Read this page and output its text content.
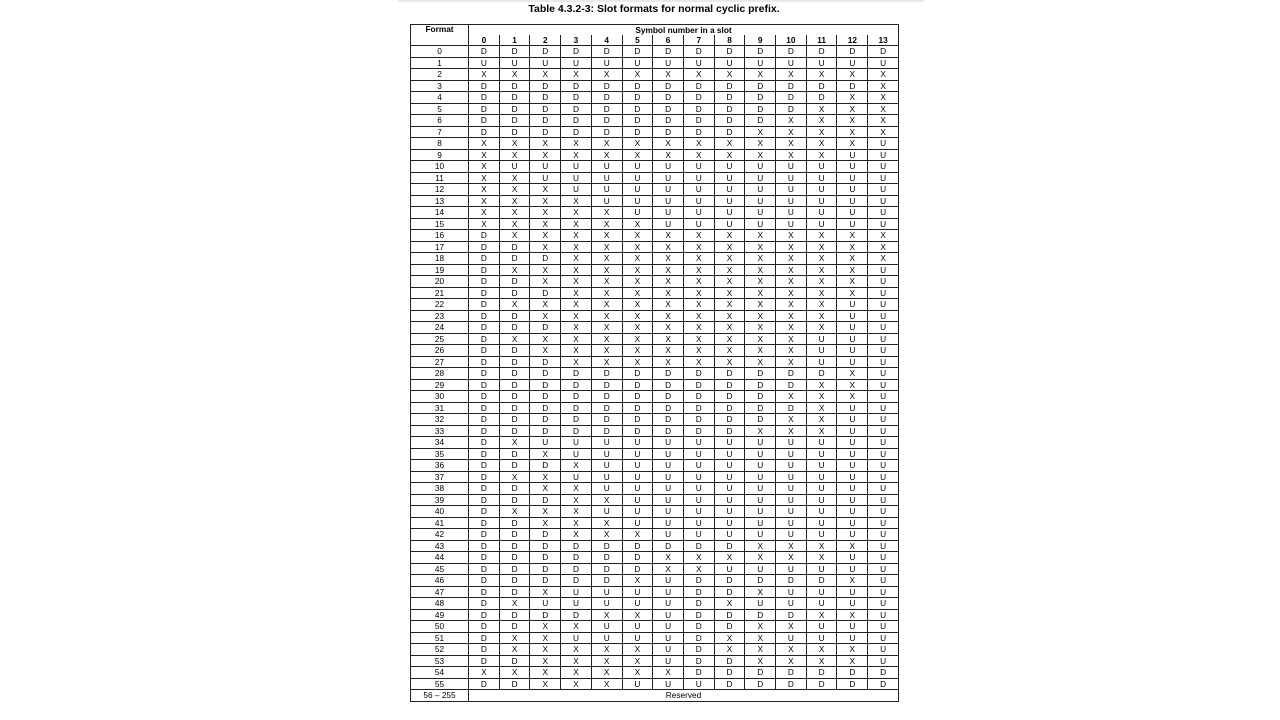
Table 4.3.2-3: Slot formats for normal cyclic prefix.
Format	Symbol number in a slot													
	0	1	2	3	4	5	6	7	8	9	10	11	12	13
0	D	D	D	D	D	D	D	D	D	D	D	D	D	D
1	U	U	U	U	U	U	U	U	U	U	U	U	U	U
2	X	X	X	X	X	X	X	X	X	X	X	X	X	X
3	D	D	D	D	D	D	D	D	D	D	D	D	D	X
4	D	D	D	D	D	D	D	D	D	D	D	D	X	X
5	D	D	D	D	D	D	D	D	D	D	D	X	X	X
6	D	D	D	D	D	D	D	D	D	D	X	X	X	X
7	D	D	D	D	D	D	D	D	D	X	X	X	X	X
8	X	X	X	X	X	X	X	X	X	X	X	X	X	U
9	X	X	X	X	X	X	X	X	X	X	X	X	U	U
10	X	U	U	U	U	U	U	U	U	U	U	U	U	U
11	X	X	U	U	U	U	U	U	U	U	U	U	U	U
12	X	X	X	U	U	U	U	U	U	U	U	U	U	U
13	X	X	X	X	U	U	U	U	U	U	U	U	U	U
14	X	X	X	X	X	U	U	U	U	U	U	U	U	U
15	X	X	X	X	X	X	U	U	U	U	U	U	U	U
16	D	X	X	X	X	X	X	X	X	X	X	X	X	X
17	D	D	X	X	X	X	X	X	X	X	X	X	X	X
18	D	D	D	X	X	X	X	X	X	X	X	X	X	X
19	D	X	X	X	X	X	X	X	X	X	X	X	X	U
20	D	D	X	X	X	X	X	X	X	X	X	X	X	U
21	D	D	D	X	X	X	X	X	X	X	X	X	X	U
22	D	X	X	X	X	X	X	X	X	X	X	X	U	U
23	D	D	X	X	X	X	X	X	X	X	X	X	U	U
24	D	D	D	X	X	X	X	X	X	X	X	X	U	U
25	D	X	X	X	X	X	X	X	X	X	X	U	U	U
26	D	D	X	X	X	X	X	X	X	X	X	U	U	U
27	D	D	D	X	X	X	X	X	X	X	X	U	U	U
28	D	D	D	D	D	D	D	D	D	D	D	D	X	U
29	D	D	D	D	D	D	D	D	D	D	D	X	X	U
30	D	D	D	D	D	D	D	D	D	D	X	X	X	U
31	D	D	D	D	D	D	D	D	D	D	D	X	U	U
32	D	D	D	D	D	D	D	D	D	D	X	X	U	U
33	D	D	D	D	D	D	D	D	D	X	X	X	U	U
34	D	X	U	U	U	U	U	U	U	U	U	U	U	U
35	D	D	X	U	U	U	U	U	U	U	U	U	U	U
36	D	D	D	X	U	U	U	U	U	U	U	U	U	U
37	D	X	X	U	U	U	U	U	U	U	U	U	U	U
38	D	D	X	X	U	U	U	U	U	U	U	U	U	U
39	D	D	D	X	X	U	U	U	U	U	U	U	U	U
40	D	X	X	X	U	U	U	U	U	U	U	U	U	U
41	D	D	X	X	X	U	U	U	U	U	U	U	U	U
42	D	D	D	X	X	X	U	U	U	U	U	U	U	U
43	D	D	D	D	D	D	D	D	D	X	X	X	X	U
44	D	D	D	D	D	D	X	X	X	X	X	X	U	U
45	D	D	D	D	D	D	X	X	U	U	U	U	U	U
46	D	D	D	D	D	X	U	D	D	D	D	D	X	U
47	D	D	X	U	U	U	U	D	D	X	U	U	U	U
48	D	X	U	U	U	U	U	D	X	U	U	U	U	U
49	D	D	D	D	X	X	U	D	D	D	D	X	X	U
50	D	D	X	X	U	U	U	D	D	X	X	U	U	U
51	D	X	X	U	U	U	U	D	X	X	U	U	U	U
52	D	X	X	X	X	X	U	D	X	X	X	X	X	U
53	D	D	X	X	X	X	U	D	D	X	X	X	X	U
54	X	X	X	X	X	X	X	D	D	D	D	D	D	D
55	D	D	X	X	X	U	U	U	D	D	D	D	D	D
56 – 255	Reserved													
